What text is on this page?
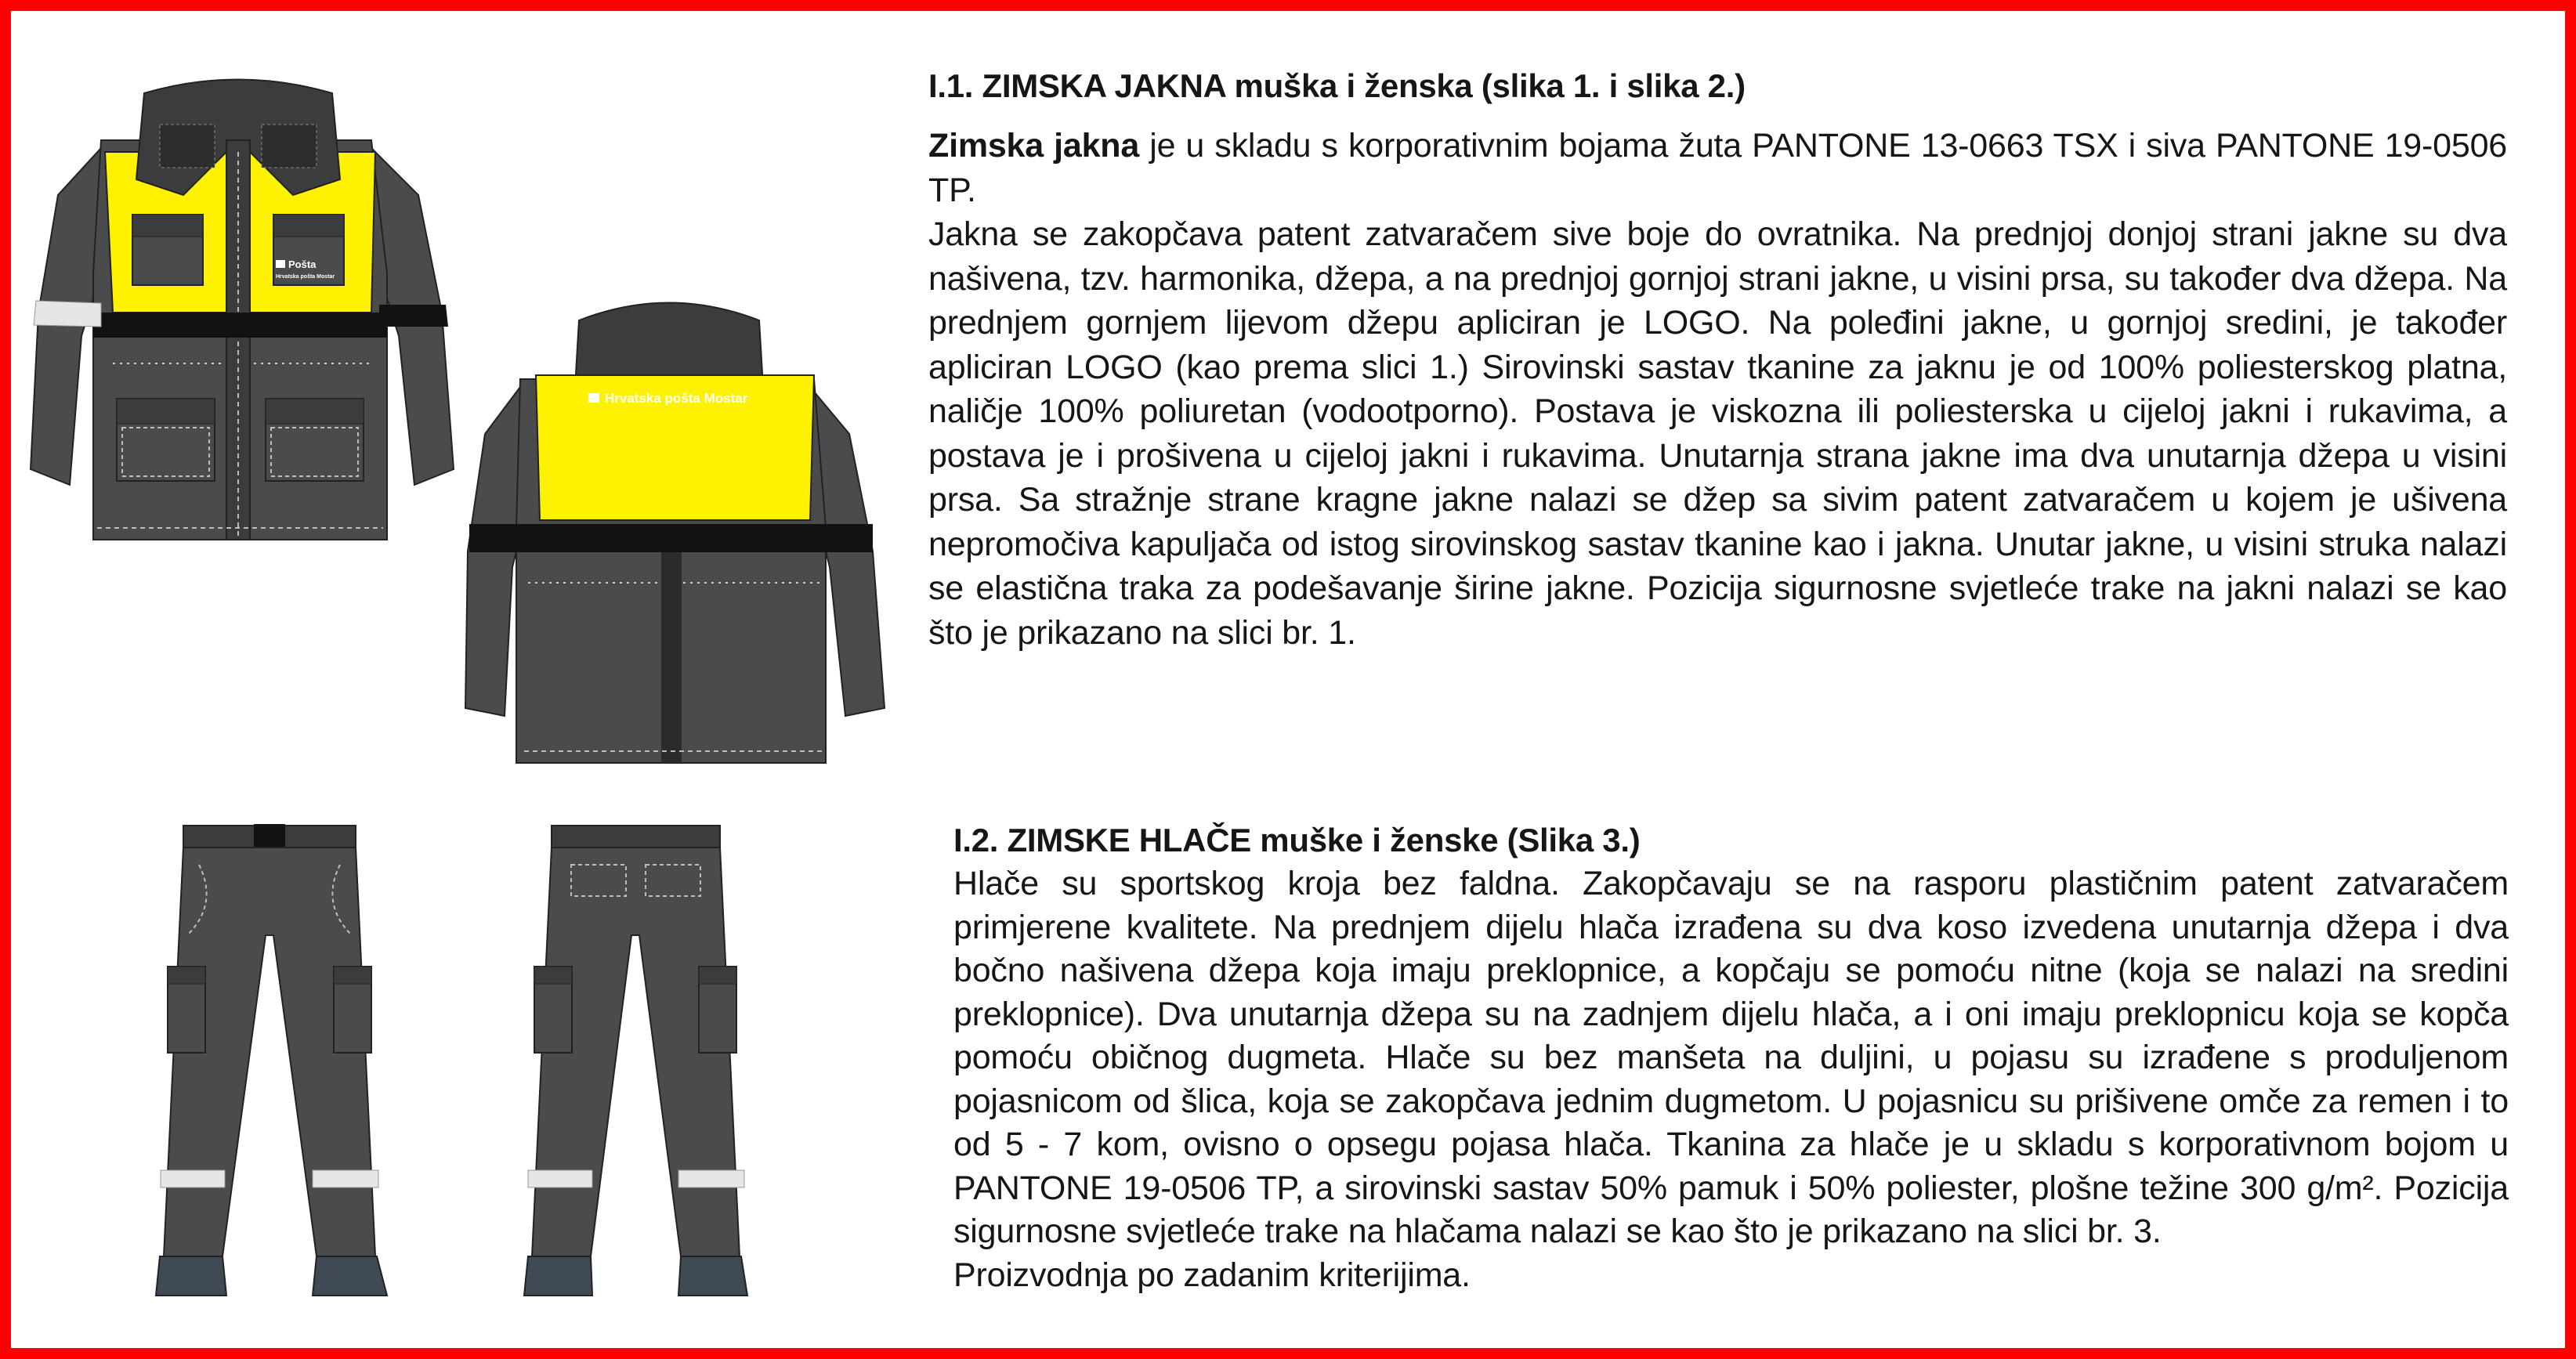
Pošta
Hrvatska pošta Mostar
Hrvatska pošta Mostar
I.1. ZIMSKA JAKNA muška i ženska (slika 1. i slika 2.)

Zimska jakna je u skladu s korporativnim bojama žuta PANTONE 13-0663 TSX i siva PANTONE 19-0506 TP.

Jakna se zakopčava patent zatvaračem sive boje do ovratnika. Na prednjoj donjoj strani jakne su dva našivena, tzv. harmonika, džepa, a na prednjoj gornjoj strani jakne, u visini prsa, su također dva džepa. Na prednjem gornjem lijevom džepu apliciran je LOGO. Na poleđini jakne, u gornjoj sredini, je također apliciran LOGO (kao prema slici 1.) Sirovinski sastav tkanine za jaknu je od 100% poliesterskog platna, naličje 100% poliuretan (vodootporno). Postava je viskozna ili poliesterska u cijeloj jakni i rukavima, a postava je i prošivena u cijeloj jakni i rukavima. Unutarnja strana jakne ima dva unutarnja džepa u visini prsa. Sa stražnje strane kragne jakne nalazi se džep sa sivim patent zatvaračem u kojem je ušivena nepromočiva kapuljača od istog sirovinskog sastav tkanine kao i jakna. Unutar jakne, u visini struka nalazi se elastična traka za podešavanje širine jakne. Pozicija sigurnosne svjetleće trake na jakni nalazi se kao što je prikazano na slici br. 1.

I.2. ZIMSKE HLAČE muške i ženske (Slika 3.)

Hlače su sportskog kroja bez faldna. Zakopčavaju se na rasporu plastičnim patent zatvaračem primjerene kvalitete. Na prednjem dijelu hlača izrađena su dva koso izvedena unutarnja džepa i dva bočno našivena džepa koja imaju preklopnice, a kopčaju se pomoću nitne (koja se nalazi na sredini preklopnice). Dva unutarnja džepa su na zadnjem dijelu hlača, a i oni imaju preklopnicu koja se kopča pomoću običnog dugmeta. Hlače su bez manšeta na duljini, u pojasu su izrađene s produljenom pojasnicom od šlica, koja se zakopčava jednim dugmetom. U pojasnicu su prišivene omče za remen i to od 5 - 7 kom, ovisno o opsegu pojasa hlača. Tkanina za hlače je u skladu s korporativnom bojom u PANTONE 19-0506 TP, a sirovinski sastav 50% pamuk i 50% poliester, plošne težine 300 g/m². Pozicija sigurnosne svjetleće trake na hlačama nalazi se kao što je prikazano na slici br. 3.

Proizvodnja po zadanim kriterijima.
